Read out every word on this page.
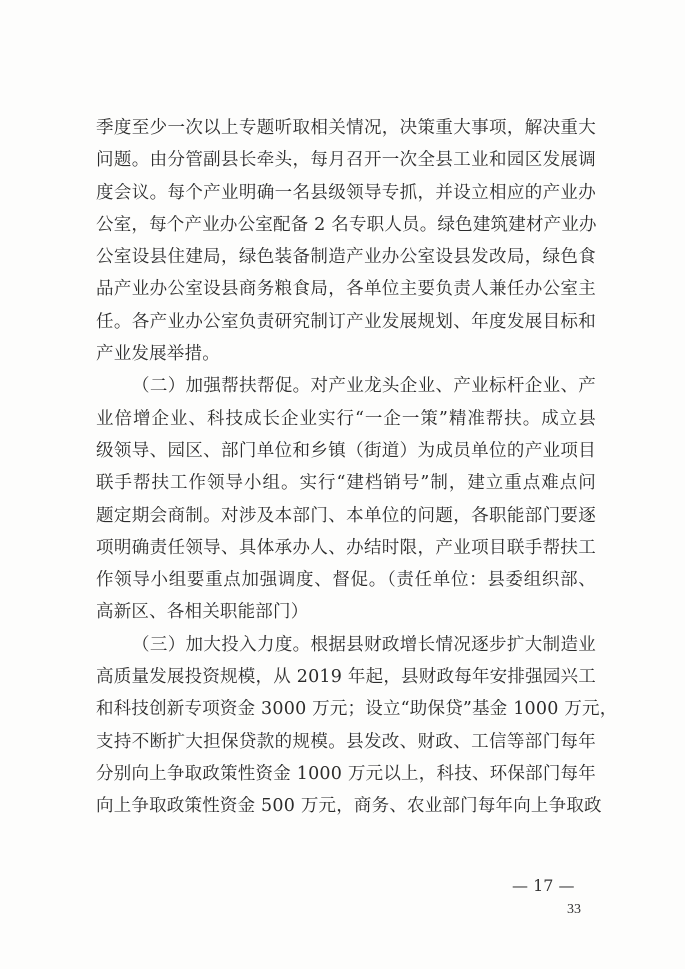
季度至少一次以上专题听取相关情况，决策重大事项，解决重大
问题。由分管副县长牵头，每月召开一次全县工业和园区发展调
度会议。每个产业明确一名县级领导专抓，并设立相应的产业办
公室，每个产业办公室配备 2 名专职人员。绿色建筑建材产业办
公室设县住建局，绿色装备制造产业办公室设县发改局，绿色食
品产业办公室设县商务粮食局，各单位主要负责人兼任办公室主
任。各产业办公室负责研究制订产业发展规划、年度发展目标和
产业发展举措。
（二）加强帮扶帮促。对产业龙头企业、产业标杆企业、产
业倍增企业、科技成长企业实行“一企一策”精准帮扶。成立县
级领导、园区、部门单位和乡镇（街道）为成员单位的产业项目
联手帮扶工作领导小组。实行“建档销号”制，建立重点难点问
题定期会商制。对涉及本部门、本单位的问题，各职能部门要逐
项明确责任领导、具体承办人、办结时限，产业项目联手帮扶工
作领导小组要重点加强调度、督促。（责任单位：县委组织部、
高新区、各相关职能部门）
（三）加大投入力度。根据县财政增长情况逐步扩大制造业
高质量发展投资规模，从 2019 年起，县财政每年安排强园兴工
和科技创新专项资金 3000 万元；设立“助保贷”基金 1000 万元，
支持不断扩大担保贷款的规模。县发改、财政、工信等部门每年
分别向上争取政策性资金 1000 万元以上，科技、环保部门每年
向上争取政策性资金 500 万元，商务、农业部门每年向上争取政
— 17 —
33
